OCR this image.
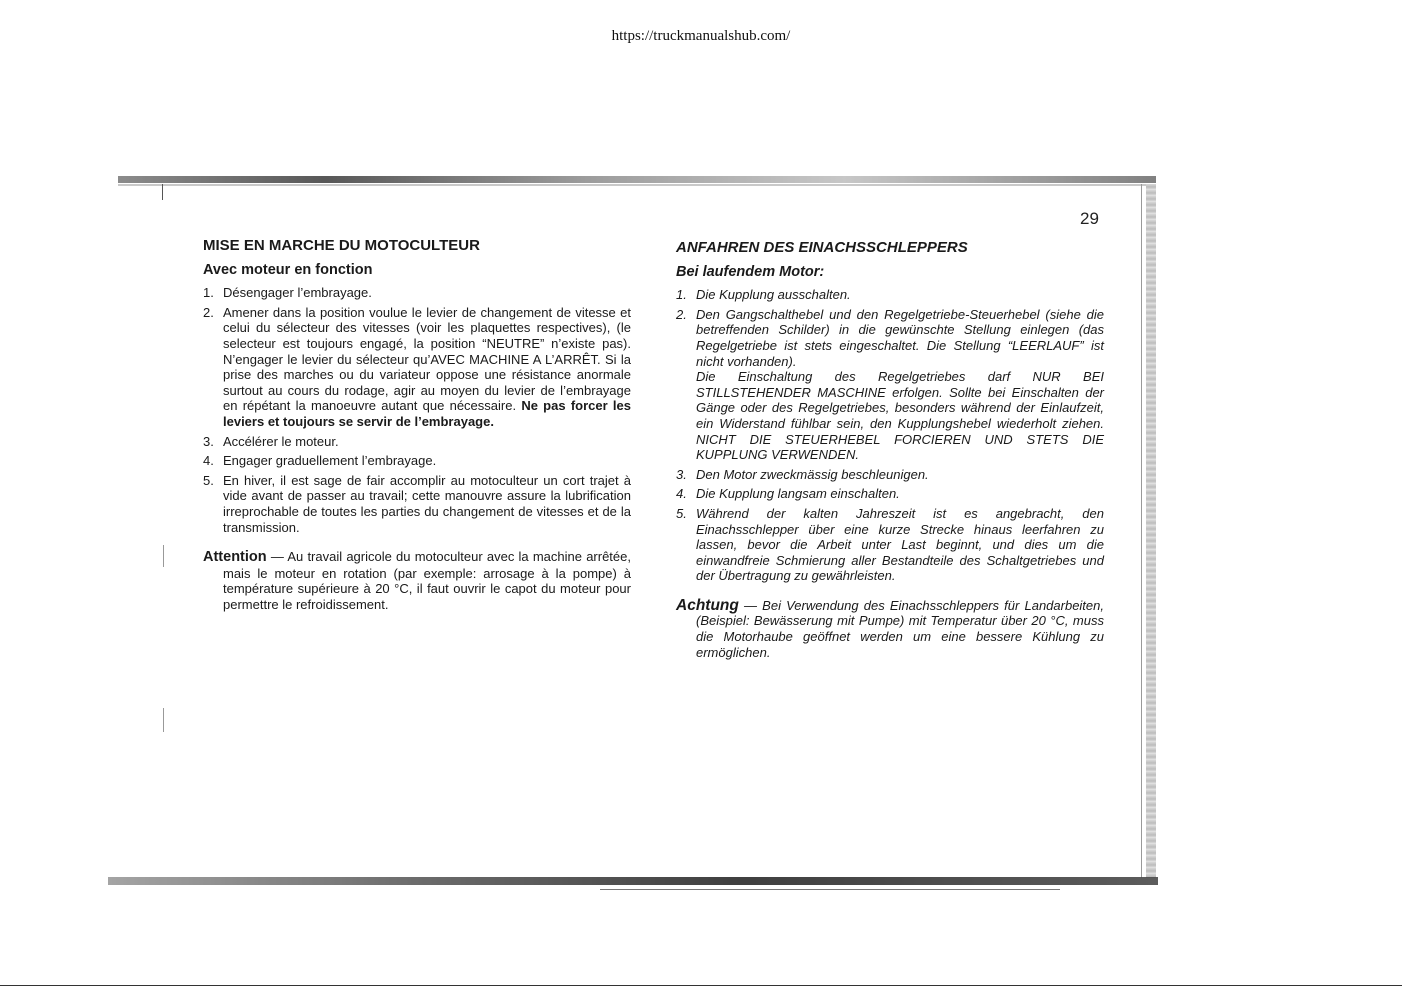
https://truckmanualshub.com/
29
MISE EN MARCHE DU MOTOCULTEUR
Avec moteur en fonction
1. Désengager l’embrayage.
2. Amener dans la position voulue le levier de changement de vitesse et celui du sélecteur des vitesses (voir les plaquettes respectives), (le selecteur est toujours engagé, la position “NEUTRE” n’existe pas). N’engager le levier du sélecteur qu’AVEC MACHINE A L’ARRÊT. Si la prise des marches ou du variateur oppose une résistance anormale surtout au cours du rodage, agir au moyen du levier de l’embrayage en répétant la manoeuvre autant que nécessaire. Ne pas forcer les leviers et toujours se servir de l’embrayage.
3. Accélérer le moteur.
4. Engager graduellement l’embrayage.
5. En hiver, il est sage de fair accomplir au motoculteur un cort trajet à vide avant de passer au travail; cette manouvre assure la lubrification irreprochable de toutes les parties du changement de vitesses et de la transmission.
Attention — Au travail agricole du motoculteur avec la machine arrêtée, mais le moteur en rotation (par exemple: arrosage à la pompe) à température supérieure à 20 °C, il faut ouvrir le capot du moteur pour permettre le refroidissement.
ANFAHREN DES EINACHSSCHLEPPERS
Bei laufendem Motor:
1. Die Kupplung ausschalten.
2. Den Gangschalthebel und den Regelgetriebe-Steuerhebel (siehe die betreffenden Schilder) in die gewünschte Stellung einlegen (das Regelgetriebe ist stets eingeschaltet. Die Stellung “LEERLAUF” ist nicht vorhanden).
Die Einschaltung des Regelgetriebes darf NUR BEI STILLSTEHENDER MASCHINE erfolgen. Sollte bei Einschalten der Gänge oder des Regelgetriebes, besonders während der Einlaufzeit, ein Widerstand fühlbar sein, den Kupplungshebel wiederholt ziehen. NICHT DIE STEUERHEBEL FORCIEREN UND STETS DIE KUPPLUNG VERWENDEN.
3. Den Motor zweckmässig beschleunigen.
4. Die Kupplung langsam einschalten.
5. Während der kalten Jahreszeit ist es angebracht, den Einachsschlepper über eine kurze Strecke hinaus leerfahren zu lassen, bevor die Arbeit unter Last beginnt, und dies um die einwandfreie Schmierung aller Bestandteile des Schaltgetriebes und der Übertragung zu gewährleisten.
Achtung — Bei Verwendung des Einachsschleppers für Landarbeiten, (Beispiel: Bewässerung mit Pumpe) mit Temperatur über 20 °C, muss die Motorhaube geöffnet werden um eine bessere Kühlung zu ermöglichen.
